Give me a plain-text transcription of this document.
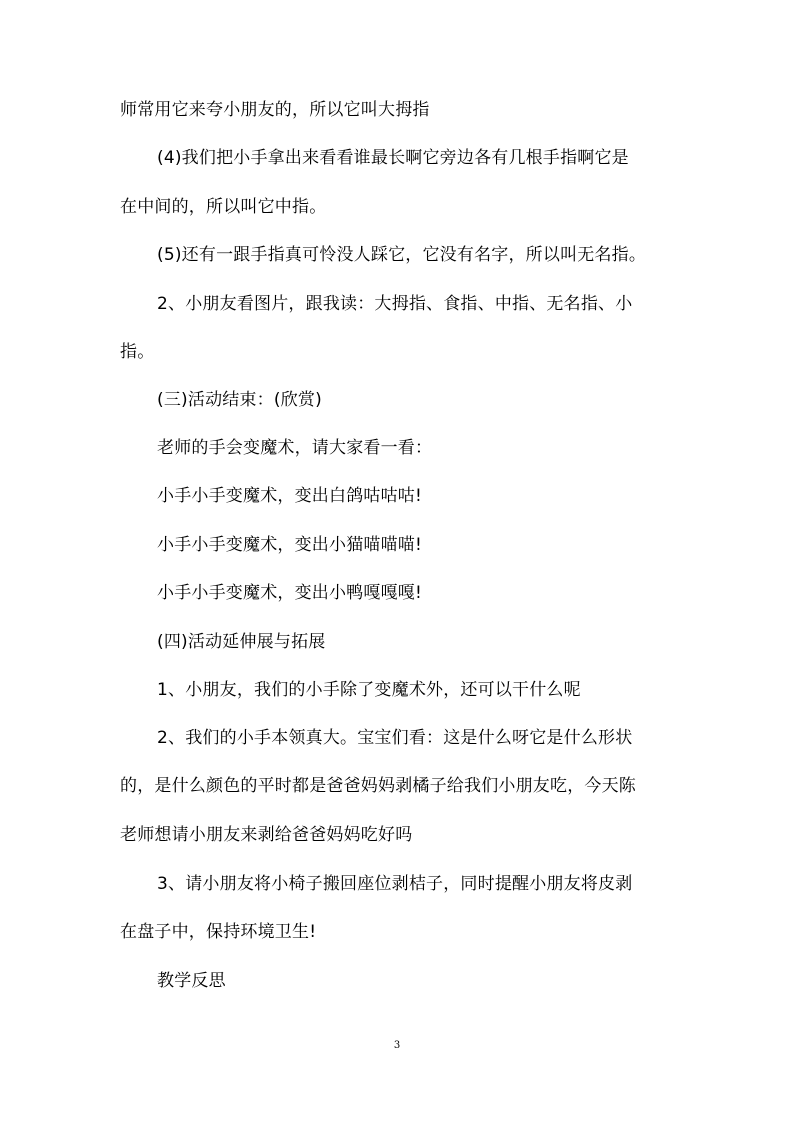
师常用它来夸小朋友的，所以它叫大拇指
(4)我们把小手拿出来看看谁最长啊它旁边各有几根手指啊它是
在中间的，所以叫它中指。
(5)还有一跟手指真可怜没人踩它，它没有名字，所以叫无名指。
2、小朋友看图片，跟我读：大拇指、食指、中指、无名指、小
指。
(三)活动结束：(欣赏)
老师的手会变魔术，请大家看一看：
小手小手变魔术，变出白鸽咕咕咕!
小手小手变魔术，变出小猫喵喵喵!
小手小手变魔术，变出小鸭嘎嘎嘎!
(四)活动延伸展与拓展
1、小朋友，我们的小手除了变魔术外，还可以干什么呢
2、我们的小手本领真大。宝宝们看：这是什么呀它是什么形状
的，是什么颜色的平时都是爸爸妈妈剥橘子给我们小朋友吃，今天陈
老师想请小朋友来剥给爸爸妈妈吃好吗
3、请小朋友将小椅子搬回座位剥桔子，同时提醒小朋友将皮剥
在盘子中，保持环境卫生!
教学反思
3
